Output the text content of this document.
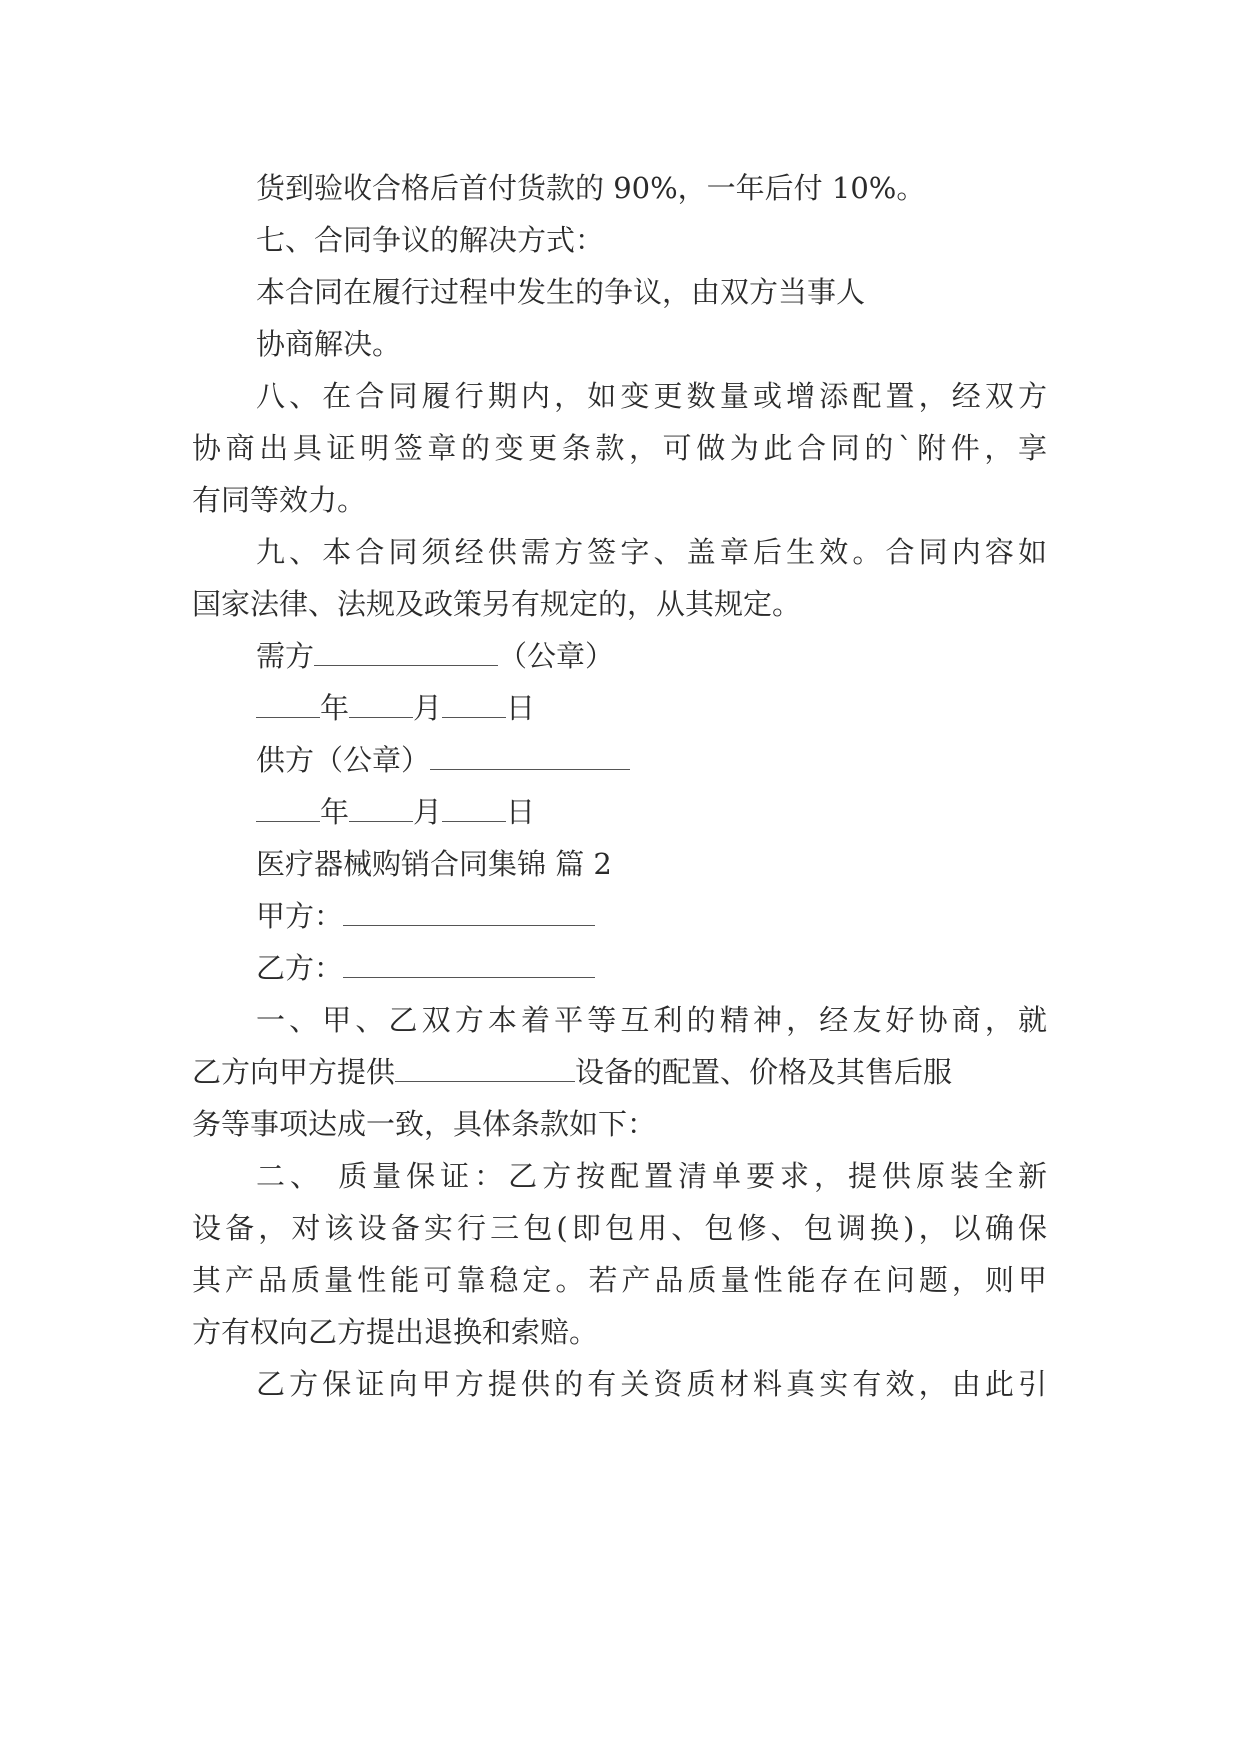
货到验收合格后首付货款的 90%，一年后付 10%。
七、合同争议的解决方式：
本合同在履行过程中发生的争议，由双方当事人
协商解决。
八、在合同履行期内，如变更数量或增添配置，经双方
协商出具证明签章的变更条款，可做为此合同的`附件，享
有同等效力。
九、本合同须经供需方签字、盖章后生效。合同内容如
国家法律、法规及政策另有规定的，从其规定。
需方	（公章）
年 月 日
供方（公章）
年 月 日
医疗器械购销合同集锦 篇 2
甲方：
乙方：
一、甲、乙双方本着平等互利的精神，经友好协商，就
乙方向甲方提供	设备的配置、价格及其售后服
务等事项达成一致，具体条款如下：
二、 质量保证：乙方按配置清单要求，提供原装全新
设备，对该设备实行三包(即包用、包修、包调换)，以确保
其产品质量性能可靠稳定。若产品质量性能存在问题，则甲
方有权向乙方提出退换和索赔。
乙方保证向甲方提供的有关资质材料真实有效，由此引
